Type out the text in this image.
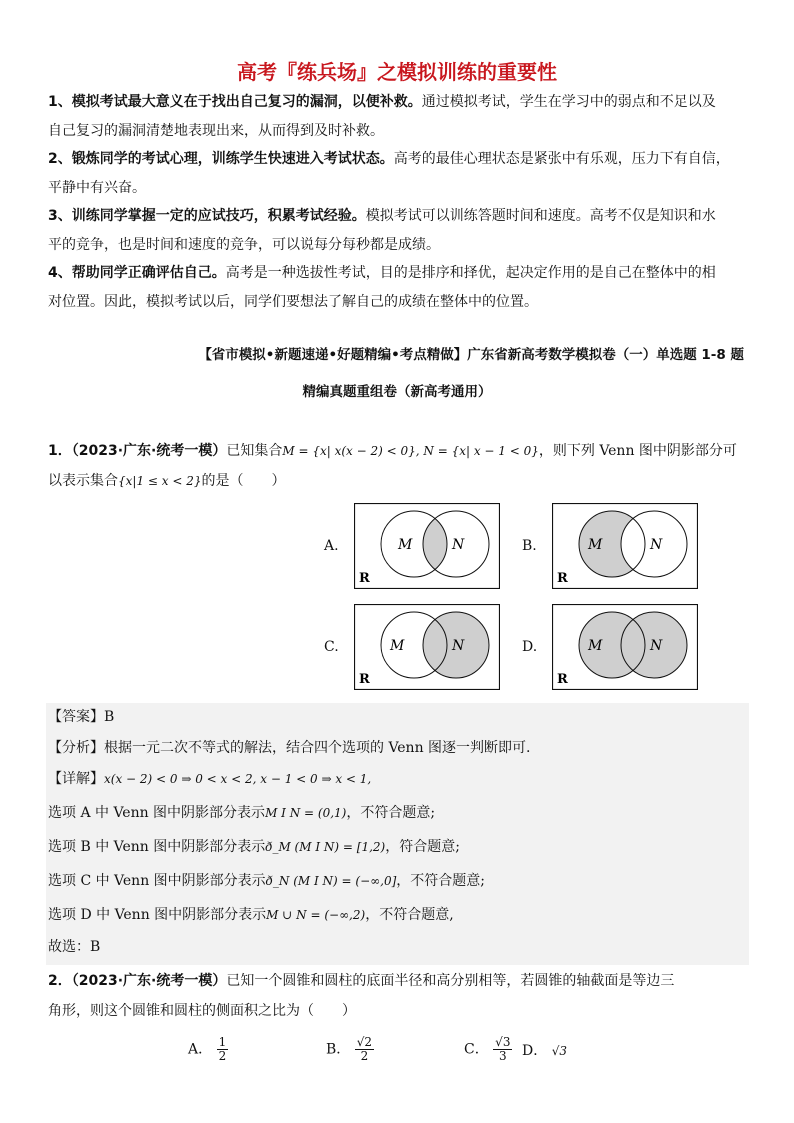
高考『练兵场』之模拟训练的重要性
1、模拟考试最大意义在于找出自己复习的漏洞，以便补救。通过模拟考试，学生在学习中的弱点和不足以及
自己复习的漏洞清楚地表现出来，从而得到及时补救。
2、锻炼同学的考试心理，训练学生快速进入考试状态。高考的最佳心理状态是紧张中有乐观，压力下有自信，
平静中有兴奋。
3、训练同学掌握一定的应试技巧，积累考试经验。模拟考试可以训练答题时间和速度。高考不仅是知识和水
平的竞争，也是时间和速度的竞争，可以说每分每秒都是成绩。
4、帮助同学正确评估自己。高考是一种选拔性考试，目的是排序和择优，起决定作用的是自己在整体中的相
对位置。因此，模拟考试以后，同学们要想法了解自己的成绩在整体中的位置。
【省市模拟•新题速递•好题精编•考点精做】广东省新高考数学模拟卷（一）单选题 1-8 题
精编真题重组卷（新高考通用）
1．（2023·广东·统考一模）已知集合M = {x| x(x − 2) < 0}, N = {x| x − 1 < 0}，则下列 Venn 图中阴影部分可
以表示集合{x|1 ≤ x < 2}的是（　　）
A.	M	N
R
B.	M	N
R
C.	M	N
R
D.	M	N
R
【答案】B
【分析】根据一元二次不等式的解法，结合四个选项的 Venn 图逐一判断即可.
【详解】x(x − 2) < 0 ⇒ 0 < x < 2, x − 1 < 0 ⇒ x < 1,
选项 A 中 Venn 图中阴影部分表示M I N = (0,1)，不符合题意;
选项 B 中 Venn 图中阴影部分表示ð_M (M I N) = [1,2)，符合题意;
选项 C 中 Venn 图中阴影部分表示ð_N (M I N) = (−∞,0]，不符合题意;
选项 D 中 Venn 图中阴影部分表示M ∪ N = (−∞,2)，不符合题意,
故选：B
2．（2023·广东·统考一模）已知一个圆锥和圆柱的底面半径和高分别相等，若圆锥的轴截面是等边三
角形，则这个圆锥和圆柱的侧面积之比为（　　）
A． $\frac{1}{2}$	B． $\frac{√2}{2}$	C． $\frac{√3}{3}$ D． √3
